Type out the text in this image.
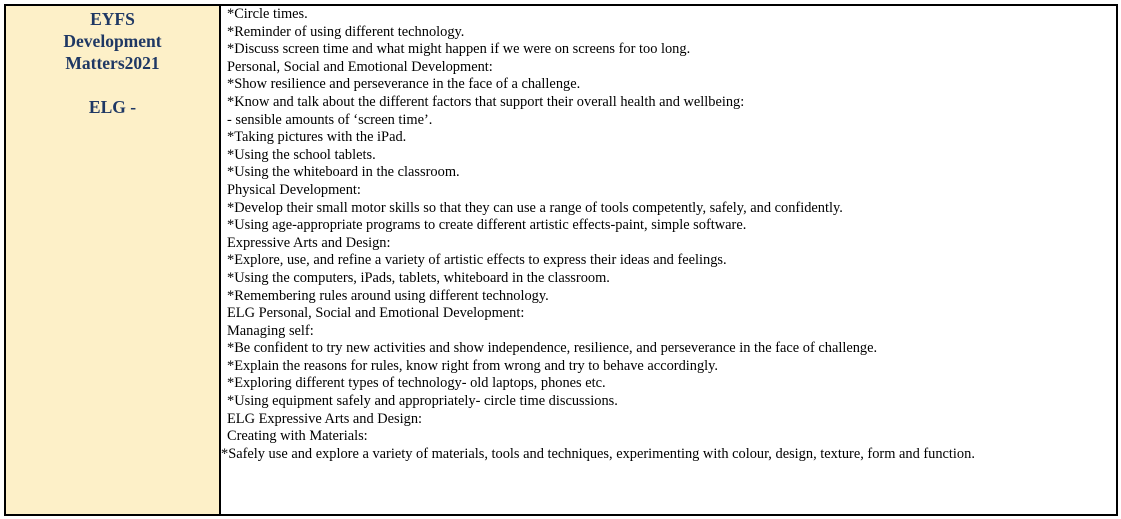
EYFS
Development
Matters2021
ELG -
*Circle times.
*Reminder of using different technology.
*Discuss screen time and what might happen if we were on screens for too long.
Personal, Social and Emotional Development:
*Show resilience and perseverance in the face of a challenge.
*Know and talk about the different factors that support their overall health and wellbeing:
- sensible amounts of ‘screen time’.
*Taking pictures with the iPad.
*Using the school tablets.
*Using the whiteboard in the classroom.
Physical Development:
*Develop their small motor skills so that they can use a range of tools competently, safely, and confidently.
*Using age-appropriate programs to create different artistic effects-paint, simple software.
Expressive Arts and Design:
*Explore, use, and refine a variety of artistic effects to express their ideas and feelings.
*Using the computers, iPads, tablets, whiteboard in the classroom.
*Remembering rules around using different technology.
ELG Personal, Social and Emotional Development:
Managing self:
*Be confident to try new activities and show independence, resilience, and perseverance in the face of challenge.
*Explain the reasons for rules, know right from wrong and try to behave accordingly.
*Exploring different types of technology- old laptops, phones etc.
*Using equipment safely and appropriately- circle time discussions.
ELG Expressive Arts and Design:
Creating with Materials:
*Safely use and explore a variety of materials, tools and techniques, experimenting with colour, design, texture, form and function.
